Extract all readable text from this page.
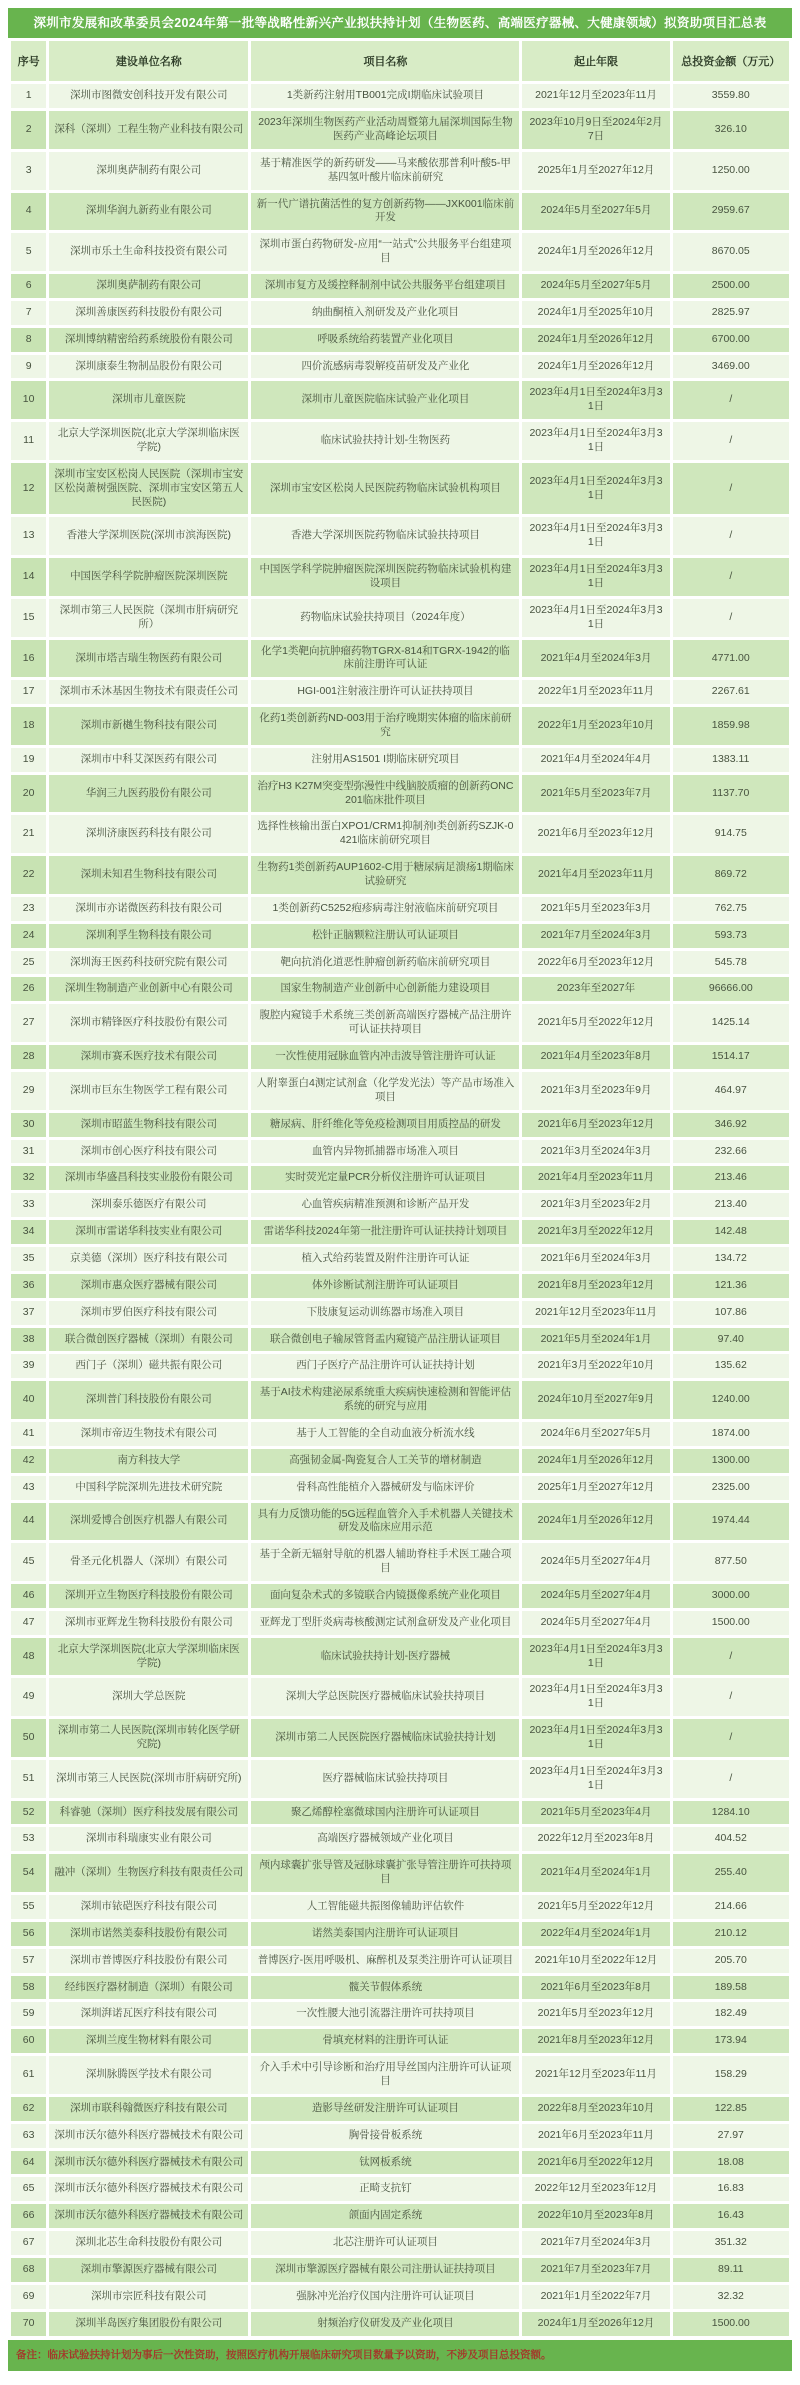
深圳市发展和改革委员会2024年第一批等战略性新兴产业拟扶持计划（生物医药、高端医疗器械、大健康领域）拟资助项目汇总表
序号	建设单位名称	项目名称	起止年限	总投资金额（万元）
1	深圳市图微安创科技开发有限公司	1类新药注射用TB001完成I期临床试验项目	2021年12月至2023年11月	3559.80
2	深科（深圳）工程生物产业科技有限公司	2023年深圳生物医药产业活动周暨第九届深圳国际生物医药产业高峰论坛项目	2023年10月9日至2024年2月7日	326.10
3	深圳奥萨制药有限公司	基于精准医学的新药研发——马来酸依那普利叶酸5-甲基四氢叶酸片临床前研究	2025年1月至2027年12月	1250.00
4	深圳华润九新药业有限公司	新一代广谱抗菌活性的复方创新药物——JXK001临床前开发	2024年5月至2027年5月	2959.67
5	深圳市乐土生命科技投资有限公司	深圳市蛋白药物研发-应用“一站式”公共服务平台组建项目	2024年1月至2026年12月	8670.05
6	深圳奥萨制药有限公司	深圳市复方及缓控释制剂中试公共服务平台组建项目	2024年5月至2027年5月	2500.00
7	深圳善康医药科技股份有限公司	纳曲酮植入剂研发及产业化项目	2024年1月至2025年10月	2825.97
8	深圳博纳精密给药系统股份有限公司	呼吸系统给药装置产业化项目	2024年1月至2026年12月	6700.00
9	深圳康泰生物制品股份有限公司	四价流感病毒裂解疫苗研发及产业化	2024年1月至2026年12月	3469.00
10	深圳市儿童医院	深圳市儿童医院临床试验产业化项目	2023年4月1日至2024年3月31日	/
11	北京大学深圳医院(北京大学深圳临床医学院)	临床试验扶持计划-生物医药	2023年4月1日至2024年3月31日	/
12	深圳市宝安区松岗人民医院（深圳市宝安区松岗萧树强医院、深圳市宝安区第五人民医院)	深圳市宝安区松岗人民医院药物临床试验机构项目	2023年4月1日至2024年3月31日	/
13	香港大学深圳医院(深圳市滨海医院)	香港大学深圳医院药物临床试验扶持项目	2023年4月1日至2024年3月31日	/
14	中国医学科学院肿瘤医院深圳医院	中国医学科学院肿瘤医院深圳医院药物临床试验机构建设项目	2023年4月1日至2024年3月31日	/
15	深圳市第三人民医院（深圳市肝病研究所）	药物临床试验扶持项目（2024年度）	2023年4月1日至2024年3月31日	/
16	深圳市塔吉瑞生物医药有限公司	化学1类靶向抗肿瘤药物TGRX-814和TGRX-1942的临床前注册许可认证	2021年4月至2024年3月	4771.00
17	深圳市禾沐基因生物技术有限责任公司	HGI-001注射液注册许可认证扶持项目	2022年1月至2023年11月	2267.61
18	深圳市新樾生物科技有限公司	化药1类创新药ND-003用于治疗晚期实体瘤的临床前研究	2022年1月至2023年10月	1859.98
19	深圳市中科艾深医药有限公司	注射用AS1501 I期临床研究项目	2021年4月至2024年4月	1383.11
20	华润三九医药股份有限公司	治疗H3 K27M突变型弥漫性中线脑胶质瘤的创新药ONC201临床批件项目	2021年5月至2023年7月	1137.70
21	深圳济康医药科技有限公司	选择性核输出蛋白XPO1/CRM1抑制剂I类创新药SZJK-0421临床前研究项目	2021年6月至2023年12月	914.75
22	深圳未知君生物科技有限公司	生物药1类创新药AUP1602-C用于糖尿病足溃疡1期临床试验研究	2021年4月至2023年11月	869.72
23	深圳市亦诺微医药科技有限公司	1类创新药C5252疱疹病毒注射液临床前研究项目	2021年5月至2023年3月	762.75
24	深圳利孚生物科技有限公司	松针正脑颗粒注册认可认证项目	2021年7月至2024年3月	593.73
25	深圳海王医药科技研究院有限公司	靶向抗消化道恶性肿瘤创新药临床前研究项目	2022年6月至2023年12月	545.78
26	深圳生物制造产业创新中心有限公司	国家生物制造产业创新中心创新能力建设项目	2023年至2027年	96666.00
27	深圳市精锋医疗科技股份有限公司	腹腔内窥镜手术系统三类创新高端医疗器械产品注册许可认证扶持项目	2021年5月至2022年12月	1425.14
28	深圳市赛禾医疗技术有限公司	一次性使用冠脉血管内冲击波导管注册许可认证	2021年4月至2023年8月	1514.17
29	深圳市巨东生物医学工程有限公司	人附睾蛋白4测定试剂盒（化学发光法）等产品市场准入项目	2021年3月至2023年9月	464.97
30	深圳市昭蓝生物科技有限公司	糖尿病、肝纤维化等免疫检测项目用质控品的研发	2021年6月至2023年12月	346.92
31	深圳市创心医疗科技有限公司	血管内异物抓捕器市场准入项目	2021年3月至2024年3月	232.66
32	深圳市华盛昌科技实业股份有限公司	实时荧光定量PCR分析仪注册许可认证项目	2021年4月至2023年11月	213.46
33	深圳泰乐德医疗有限公司	心血管疾病精准预测和诊断产品开发	2021年3月至2023年2月	213.40
34	深圳市雷诺华科技实业有限公司	雷诺华科技2024年第一批注册许可认证扶持计划项目	2021年3月至2022年12月	142.48
35	京美德（深圳）医疗科技有限公司	植入式给药装置及附件注册许可认证	2021年6月至2024年3月	134.72
36	深圳市惠众医疗器械有限公司	体外诊断试剂注册许可认证项目	2021年8月至2023年12月	121.36
37	深圳市罗伯医疗科技有限公司	下肢康复运动训练器市场准入项目	2021年12月至2023年11月	107.86
38	联合微创医疗器械（深圳）有限公司	联合微创电子输尿管肾盂内窥镜产品注册认证项目	2021年5月至2024年1月	97.40
39	西门子（深圳）磁共振有限公司	西门子医疗产品注册许可认证扶持计划	2021年3月至2022年10月	135.62
40	深圳普门科技股份有限公司	基于AI技术构建泌尿系统重大疾病快速检测和智能评估系统的研究与应用	2024年10月至2027年9月	1240.00
41	深圳市帝迈生物技术有限公司	基于人工智能的全自动血液分析流水线	2024年6月至2027年5月	1874.00
42	南方科技大学	高强韧金属-陶瓷复合人工关节的增材制造	2024年1月至2026年12月	1300.00
43	中国科学院深圳先进技术研究院	骨科高性能植介入器械研发与临床评价	2025年1月至2027年12月	2325.00
44	深圳爱博合创医疗机器人有限公司	具有力反馈功能的5G远程血管介入手术机器人关键技术研发及临床应用示范	2024年1月至2026年12月	1974.44
45	骨圣元化机器人（深圳）有限公司	基于全新无辐射导航的机器人辅助脊柱手术医工融合项目	2024年5月至2027年4月	877.50
46	深圳开立生物医疗科技股份有限公司	面向复杂术式的多镜联合内镜摄像系统产业化项目	2024年5月至2027年4月	3000.00
47	深圳市亚辉龙生物科技股份有限公司	亚辉龙丁型肝炎病毒核酸测定试剂盒研发及产业化项目	2024年5月至2027年4月	1500.00
48	北京大学深圳医院(北京大学深圳临床医学院)	临床试验扶持计划-医疗器械	2023年4月1日至2024年3月31日	/
49	深圳大学总医院	深圳大学总医院医疗器械临床试验扶持项目	2023年4月1日至2024年3月31日	/
50	深圳市第二人民医院(深圳市转化医学研究院)	深圳市第二人民医院医疗器械临床试验扶持计划	2023年4月1日至2024年3月31日	/
51	深圳市第三人民医院(深圳市肝病研究所)	医疗器械临床试验扶持项目	2023年4月1日至2024年3月31日	/
52	科睿驰（深圳）医疗科技发展有限公司	聚乙烯醇栓塞微球国内注册许可认证项目	2021年5月至2023年4月	1284.10
53	深圳市科瑞康实业有限公司	高端医疗器械领域产业化项目	2022年12月至2023年8月	404.52
54	融冲（深圳）生物医疗科技有限责任公司	颅内球囊扩张导管及冠脉球囊扩张导管注册许可扶持项目	2021年4月至2024年1月	255.40
55	深圳市铱硙医疗科技有限公司	人工智能磁共振图像辅助评估软件	2021年5月至2022年12月	214.66
56	深圳市诺然美泰科技股份有限公司	诺然美泰国内注册许可认证项目	2022年4月至2024年1月	210.12
57	深圳市普博医疗科技股份有限公司	普博医疗-医用呼吸机、麻醉机及泵类注册许可认证项目	2021年10月至2022年12月	205.70
58	经纬医疗器材制造（深圳）有限公司	髋关节假体系统	2021年6月至2023年8月	189.58
59	深圳湃诺瓦医疗科技有限公司	一次性腰大池引流器注册许可扶持项目	2021年5月至2023年12月	182.49
60	深圳兰度生物材料有限公司	骨填充材料的注册许可认证	2021年8月至2023年12月	173.94
61	深圳脉腾医学技术有限公司	介入手术中引导诊断和治疗用导丝国内注册许可认证项目	2021年12月至2023年11月	158.29
62	深圳市联科翰微医疗科技有限公司	造影导丝研发注册许可认证项目	2022年8月至2023年10月	122.85
63	深圳市沃尔德外科医疗器械技术有限公司	胸骨接骨板系统	2021年6月至2023年11月	27.97
64	深圳市沃尔德外科医疗器械技术有限公司	钛网板系统	2021年6月至2022年12月	18.08
65	深圳市沃尔德外科医疗器械技术有限公司	正畸支抗钉	2022年12月至2023年12月	16.83
66	深圳市沃尔德外科医疗器械技术有限公司	颌面内固定系统	2022年10月至2023年8月	16.43
67	深圳北芯生命科技股份有限公司	北芯注册许可认证项目	2021年7月至2024年3月	351.32
68	深圳市擎源医疗器械有限公司	深圳市擎源医疗器械有限公司注册认证扶持项目	2021年7月至2023年7月	89.11
69	深圳市宗匠科技有限公司	强脉冲光治疗仪国内注册许可认证项目	2021年1月至2022年7月	32.32
70	深圳半岛医疗集团股份有限公司	射频治疗仪研发及产业化项目	2024年1月至2026年12月	1500.00
备注：临床试验扶持计划为事后一次性资助，按照医疗机构开展临床研究项目数量予以资助，不涉及项目总投资额。
